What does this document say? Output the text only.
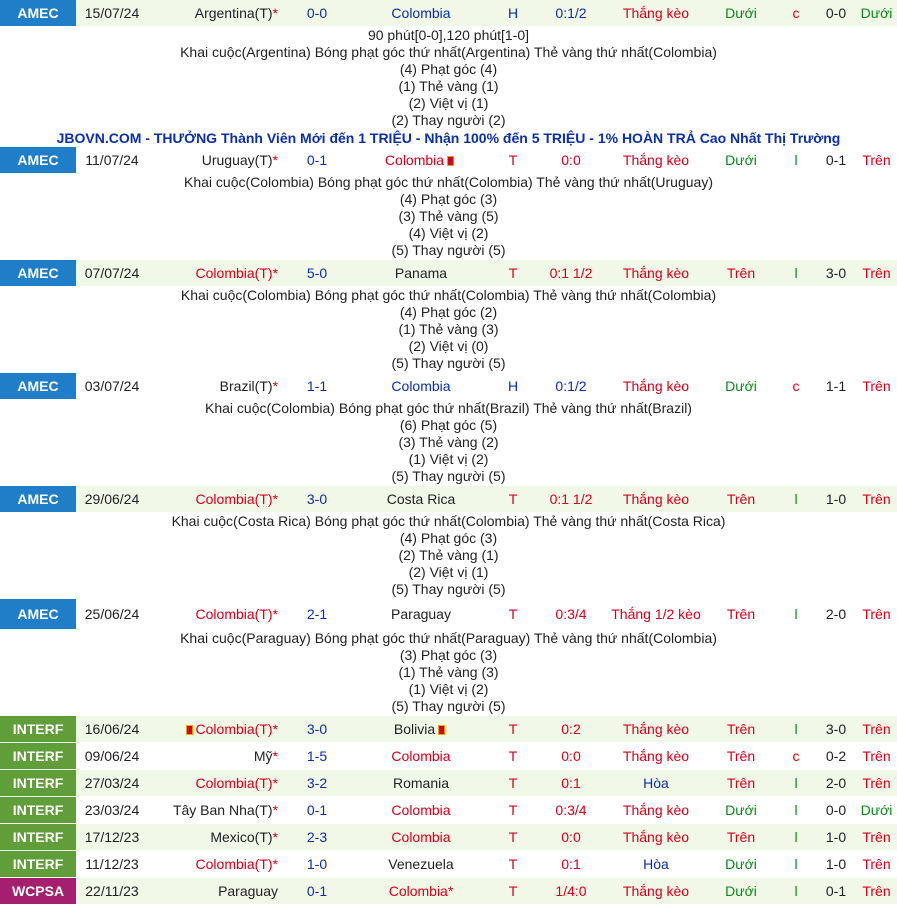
AMEC	15/07/24	Argentina(T)*	0-0	Colombia	H	0:1/2	Thắng kèo	Dưới	c	0-0	Dưới
90 phút[0-0],120 phút[1-0]
Khai cuộc(Argentina) Bóng phạt góc thứ nhất(Argentina) Thẻ vàng thứ nhất(Colombia)
(4) Phạt góc (4)
(1) Thẻ vàng (1)
(2) Việt vị (1)
(2) Thay người (2)
JBOVN.COM - THƯỞNG Thành Viên Mới đến 1 TRIỆU - Nhận 100% đến 5 TRIỆU - 1% HOÀN TRẢ Cao Nhất Thị Trường
AMEC	11/07/24	Uruguay(T)*	0-1	Colombia	T	0:0	Thắng kèo	Dưới	l	0-1	Trên
Khai cuộc(Colombia) Bóng phạt góc thứ nhất(Colombia) Thẻ vàng thứ nhất(Uruguay)
(4) Phạt góc (3)
(3) Thẻ vàng (5)
(4) Việt vị (2)
(5) Thay người (5)
AMEC	07/07/24	Colombia(T)*	5-0	Panama	T	0:1 1/2	Thắng kèo	Trên	l	3-0	Trên
Khai cuộc(Colombia) Bóng phạt góc thứ nhất(Colombia) Thẻ vàng thứ nhất(Colombia)
(4) Phạt góc (2)
(1) Thẻ vàng (3)
(2) Việt vị (0)
(5) Thay người (5)
AMEC	03/07/24	Brazil(T)*	1-1	Colombia	H	0:1/2	Thắng kèo	Dưới	c	1-1	Trên
Khai cuộc(Colombia) Bóng phạt góc thứ nhất(Brazil) Thẻ vàng thứ nhất(Brazil)
(6) Phạt góc (5)
(3) Thẻ vàng (2)
(1) Việt vị (2)
(5) Thay người (5)
AMEC	29/06/24	Colombia(T)*	3-0	Costa Rica	T	0:1 1/2	Thắng kèo	Trên	l	1-0	Trên
Khai cuộc(Costa Rica) Bóng phạt góc thứ nhất(Colombia) Thẻ vàng thứ nhất(Costa Rica)
(4) Phạt góc (3)
(2) Thẻ vàng (1)
(2) Việt vị (1)
(5) Thay người (5)
AMEC	25/06/24	Colombia(T)*	2-1	Paraguay	T	0:3/4	Thắng 1/2 kèo	Trên	l	2-0	Trên
Khai cuộc(Paraguay) Bóng phạt góc thứ nhất(Paraguay) Thẻ vàng thứ nhất(Colombia)
(3) Phạt góc (3)
(1) Thẻ vàng (3)
(1) Việt vị (2)
(5) Thay người (5)
INTERF	16/06/24	Colombia(T)*	3-0	Bolivia	T	0:2	Thắng kèo	Trên	l	3-0	Trên
INTERF	09/06/24	Mỹ*	1-5	Colombia	T	0:0	Thắng kèo	Trên	c	0-2	Trên
INTERF	27/03/24	Colombia(T)*	3-2	Romania	T	0:1	Hòa	Trên	l	2-0	Trên
INTERF	23/03/24	Tây Ban Nha(T)*	0-1	Colombia	T	0:3/4	Thắng kèo	Dưới	l	0-0	Dưới
INTERF	17/12/23	Mexico(T)*	2-3	Colombia	T	0:0	Thắng kèo	Trên	l	1-0	Trên
INTERF	11/12/23	Colombia(T)*	1-0	Venezuela	T	0:1	Hòa	Dưới	l	1-0	Trên
WCPSA	22/11/23	Paraguay	0-1	Colombia*	T	1/4:0	Thắng kèo	Dưới	l	0-1	Trên
